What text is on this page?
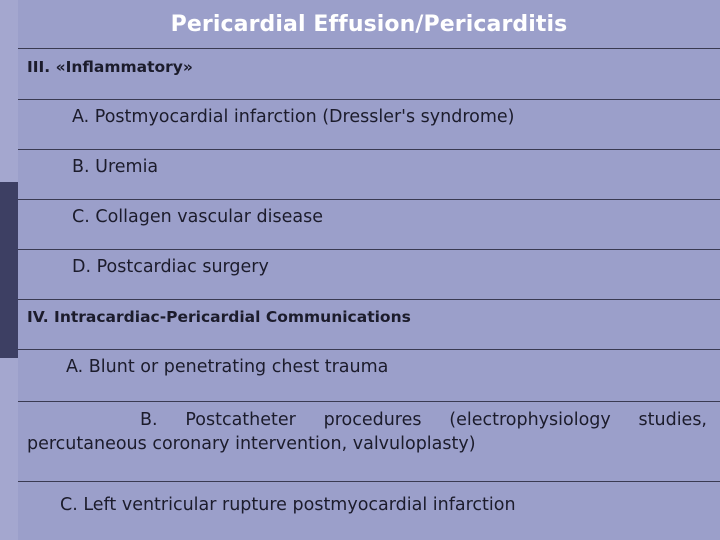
Pericardial Effusion/Pericarditis
III. «Inflammatory»
A. Postmyocardial infarction (Dressler's syndrome)
B. Uremia
C. Collagen vascular disease
D. Postcardiac surgery
IV. Intracardiac-Pericardial Communications
A. Blunt or penetrating chest trauma
B. Postcatheter procedures (electrophysiology studies, percutaneous coronary intervention, valvuloplasty)
C. Left ventricular rupture postmyocardial infarction
